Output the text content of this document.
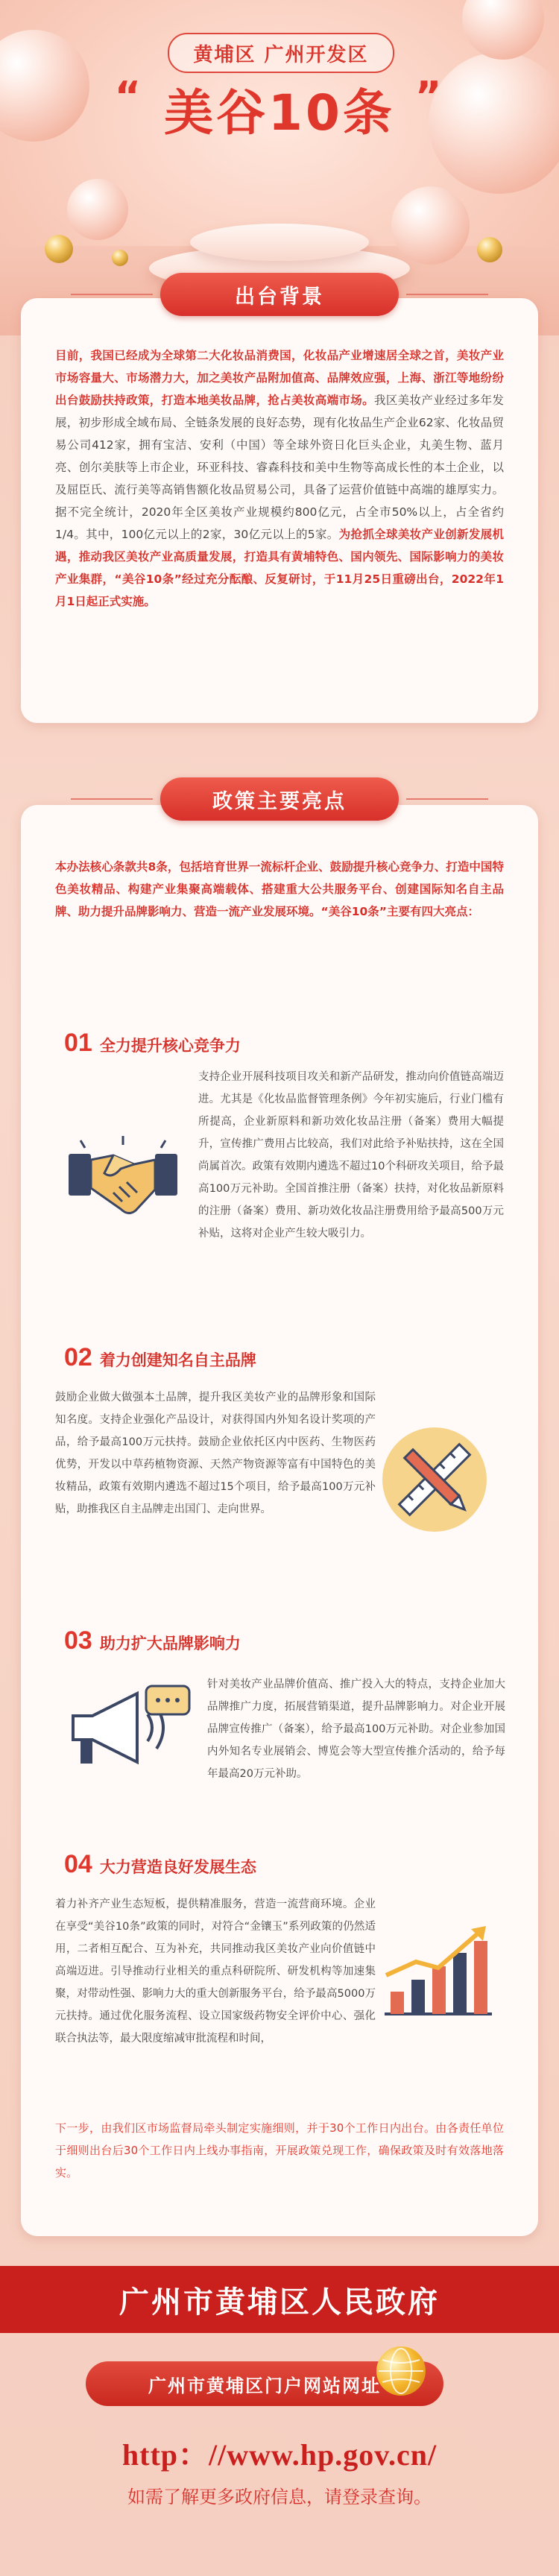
黄埔区 广州开发区
“ 美谷10条 ”
目前，我国已经成为全球第二大化妆品消费国，化妆品产业增速居全球之首，美妆产业市场容量大、市场潜力大，加之美妆产品附加值高、品牌效应强，上海、浙江等地纷纷出台鼓励扶持政策，打造本地美妆品牌，抢占美妆高端市场。我区美妆产业经过多年发展，初步形成全域布局、全链条发展的良好态势，现有化妆品生产企业62家、化妆品贸易公司412家，拥有宝洁、安利（中国）等全球外资日化巨头企业，丸美生物、蓝月亮、创尔美肤等上市企业，环亚科技、睿森科技和美中生物等高成长性的本土企业，以及屈臣氏、流行美等高销售额化妆品贸易公司，具备了运营价值链中高端的雄厚实力。据不完全统计，2020年全区美妆产业规模约800亿元，占全市50%以上，占全省约1/4。其中，100亿元以上的2家，30亿元以上的5家。为抢抓全球美妆产业创新发展机遇，推动我区美妆产业高质量发展，打造具有黄埔特色、国内领先、国际影响力的美妆产业集群，“美谷10条”经过充分酝酿、反复研讨，于11月25日重磅出台，2022年1月1日起正式实施。
出台背景
本办法核心条款共8条，包括培育世界一流标杆企业、鼓励提升核心竞争力、打造中国特色美妆精品、构建产业集聚高端载体、搭建重大公共服务平台、创建国际知名自主品牌、助力提升品牌影响力、营造一流产业发展环境。“美谷10条”主要有四大亮点：
01 全力提升核心竞争力
支持企业开展科技项目攻关和新产品研发，推动向价值链高端迈进。尤其是《化妆品监督管理条例》今年初实施后，行业门槛有所提高，企业新原料和新功效化妆品注册（备案）费用大幅提升，宣传推广费用占比较高，我们对此给予补贴扶持，这在全国尚属首次。政策有效期内遴选不超过10个科研攻关项目，给予最高100万元补助。全国首推注册（备案）扶持，对化妆品新原料的注册（备案）费用、新功效化妆品注册费用给予最高500万元补贴，这将对企业产生较大吸引力。
02 着力创建知名自主品牌
鼓励企业做大做强本土品牌，提升我区美妆产业的品牌形象和国际知名度。支持企业强化产品设计，对获得国内外知名设计奖项的产品，给予最高100万元扶持。鼓励企业依托区内中医药、生物医药优势，开发以中草药植物资源、天然产物资源等富有中国特色的美妆精品，政策有效期内遴选不超过15个项目，给予最高100万元补贴，助推我区自主品牌走出国门、走向世界。
03 助力扩大品牌影响力
针对美妆产业品牌价值高、推广投入大的特点，支持企业加大品牌推广力度，拓展营销渠道，提升品牌影响力。对企业开展品牌宣传推广（备案），给予最高100万元补助。对企业参加国内外知名专业展销会、博览会等大型宣传推介活动的，给予每年最高20万元补助。
04 大力营造良好发展生态
着力补齐产业生态短板，提供精准服务，营造一流营商环境。企业在享受“美谷10条”政策的同时，对符合“金镶玉”系列政策的仍然适用，二者相互配合、互为补充，共同推动我区美妆产业向价值链中高端迈进。引导推动行业相关的重点科研院所、研发机构等加速集聚，对带动性强、影响力大的重大创新服务平台，给予最高5000万元扶持。通过优化服务流程、设立国家级药物安全评价中心、强化联合执法等，最大限度缩减审批流程和时间，
下一步，由我们区市场监督局牵头制定实施细则，并于30个工作日内出台。由各责任单位于细则出台后30个工作日内上线办事指南，开展政策兑现工作，确保政策及时有效落地落实。
政策主要亮点
广州市黄埔区人民政府
广州市黄埔区门户网站网址
http：//www.hp.gov.cn/
如需了解更多政府信息，请登录查询。
